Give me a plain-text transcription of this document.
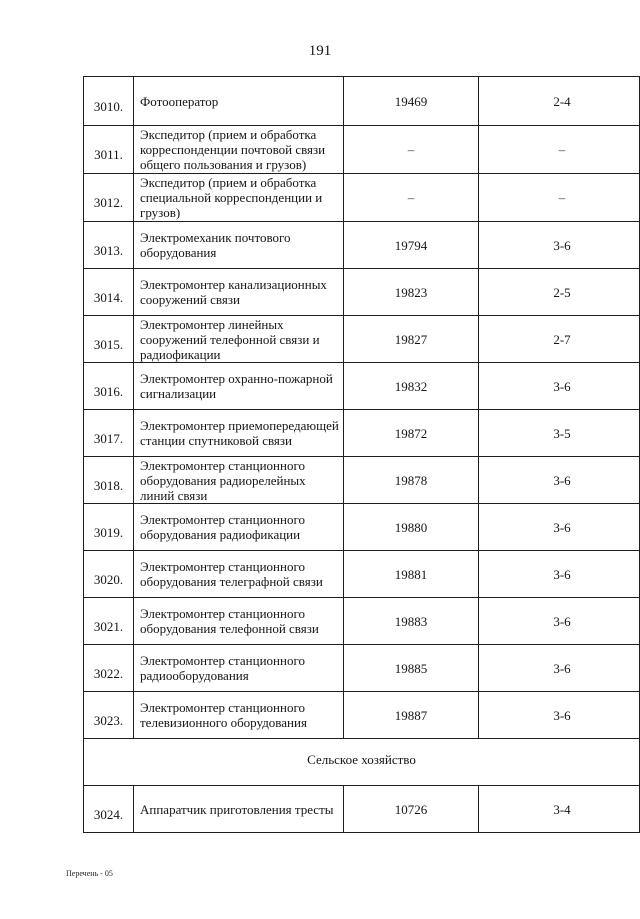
191
3010.	Фотооператор	19469	2-4
3011.	Экспедитор (прием и обработка корреспонденции почтовой связи общего пользования и грузов)	–	–
3012.	Экспедитор (прием и обработка специальной корреспонденции и грузов)	–	–
3013.	Электромеханик почтового оборудования	19794	3-6
3014.	Электромонтер канализационных сооружений связи	19823	2-5
3015.	Электромонтер линейных сооружений телефонной связи и радиофикации	19827	2-7
3016.	Электромонтер охранно-пожарной сигнализации	19832	3-6
3017.	Электромонтер приемопередающей станции спутниковой связи	19872	3-5
3018.	Электромонтер станционного оборудования радиорелейных линий связи	19878	3-6
3019.	Электромонтер станционного оборудования радиофикации	19880	3-6
3020.	Электромонтер станционного оборудования телеграфной связи	19881	3-6
3021.	Электромонтер станционного оборудования телефонной связи	19883	3-6
3022.	Электромонтер станционного радиооборудования	19885	3-6
3023.	Электромонтер станционного телевизионного оборудования	19887	3-6
Сельское хозяйство			
3024.	Аппаратчик приготовления тресты	10726	3-4
Перечень - 05
